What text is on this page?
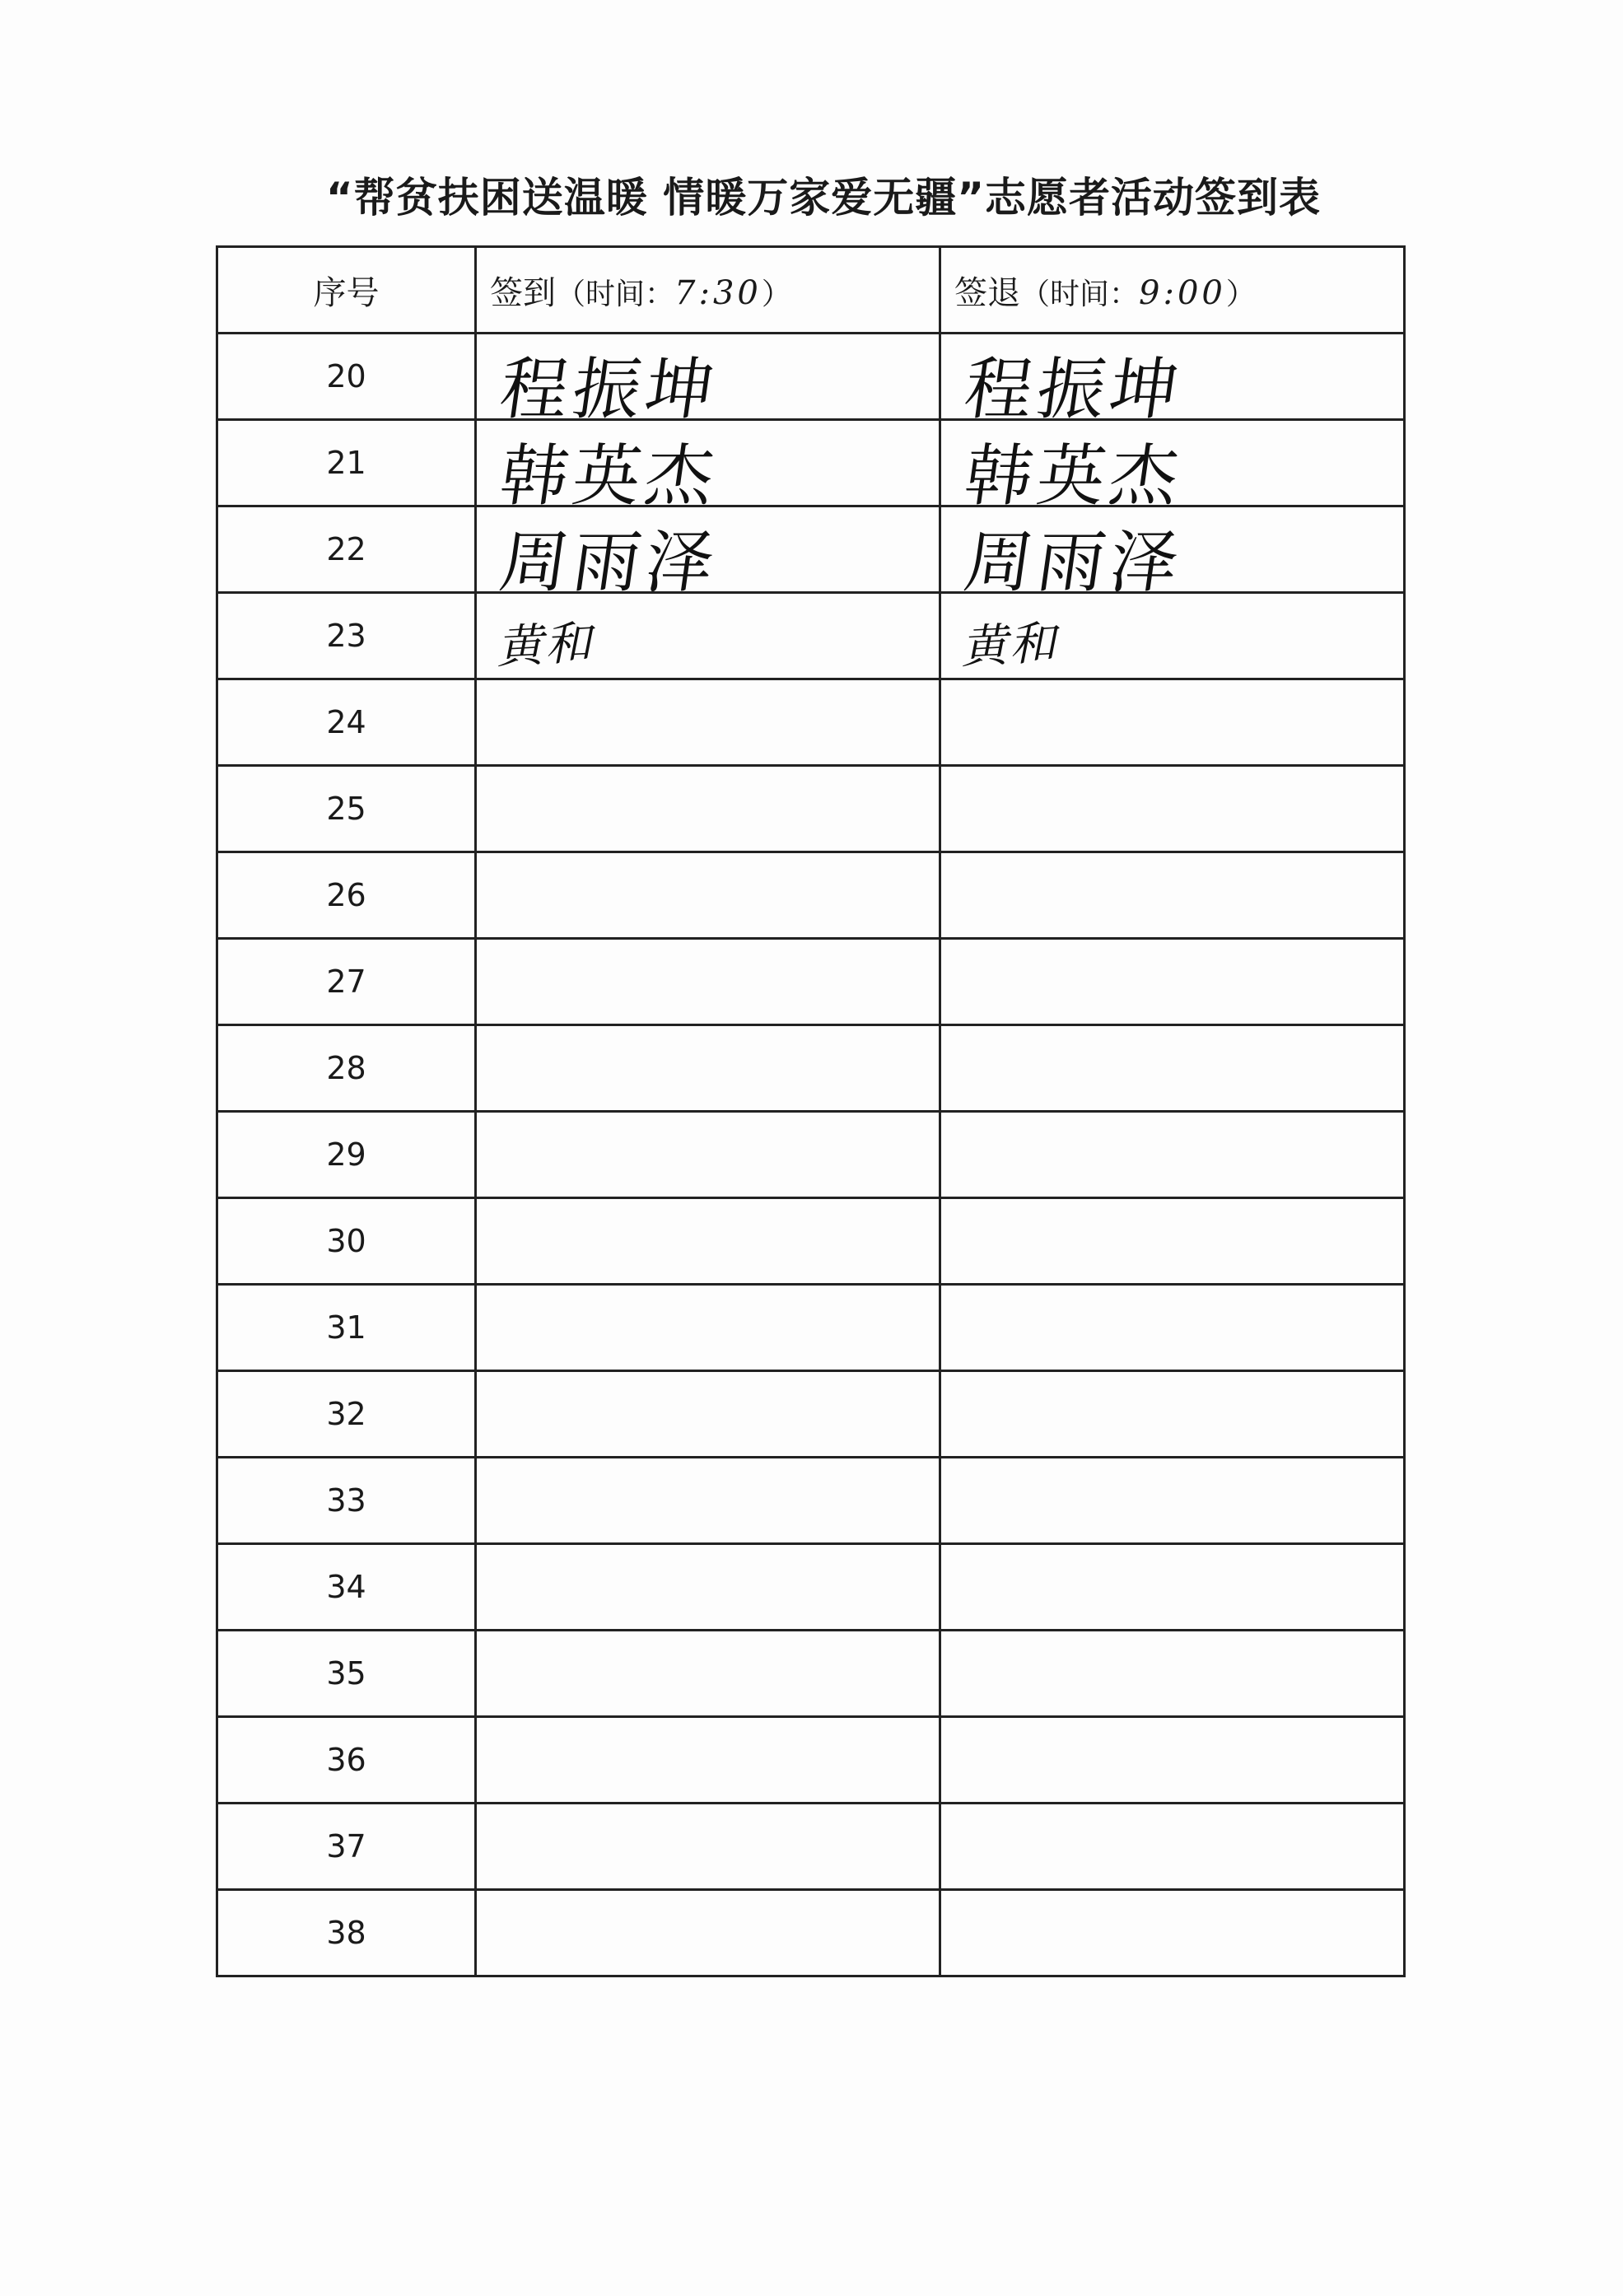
“帮贫扶困送温暖 情暖万家爱无疆”志愿者活动签到表
序号	签到（时间：7:30）	签退（时间：9:00）
20	程振坤	程振坤

21	韩英杰	韩英杰

22	周雨泽	周雨泽

23	黄和	黄和

24	

25	

26	

27	

28	

29	

30	

31	

32	

33	

34	

35	

36	

37	

38	
